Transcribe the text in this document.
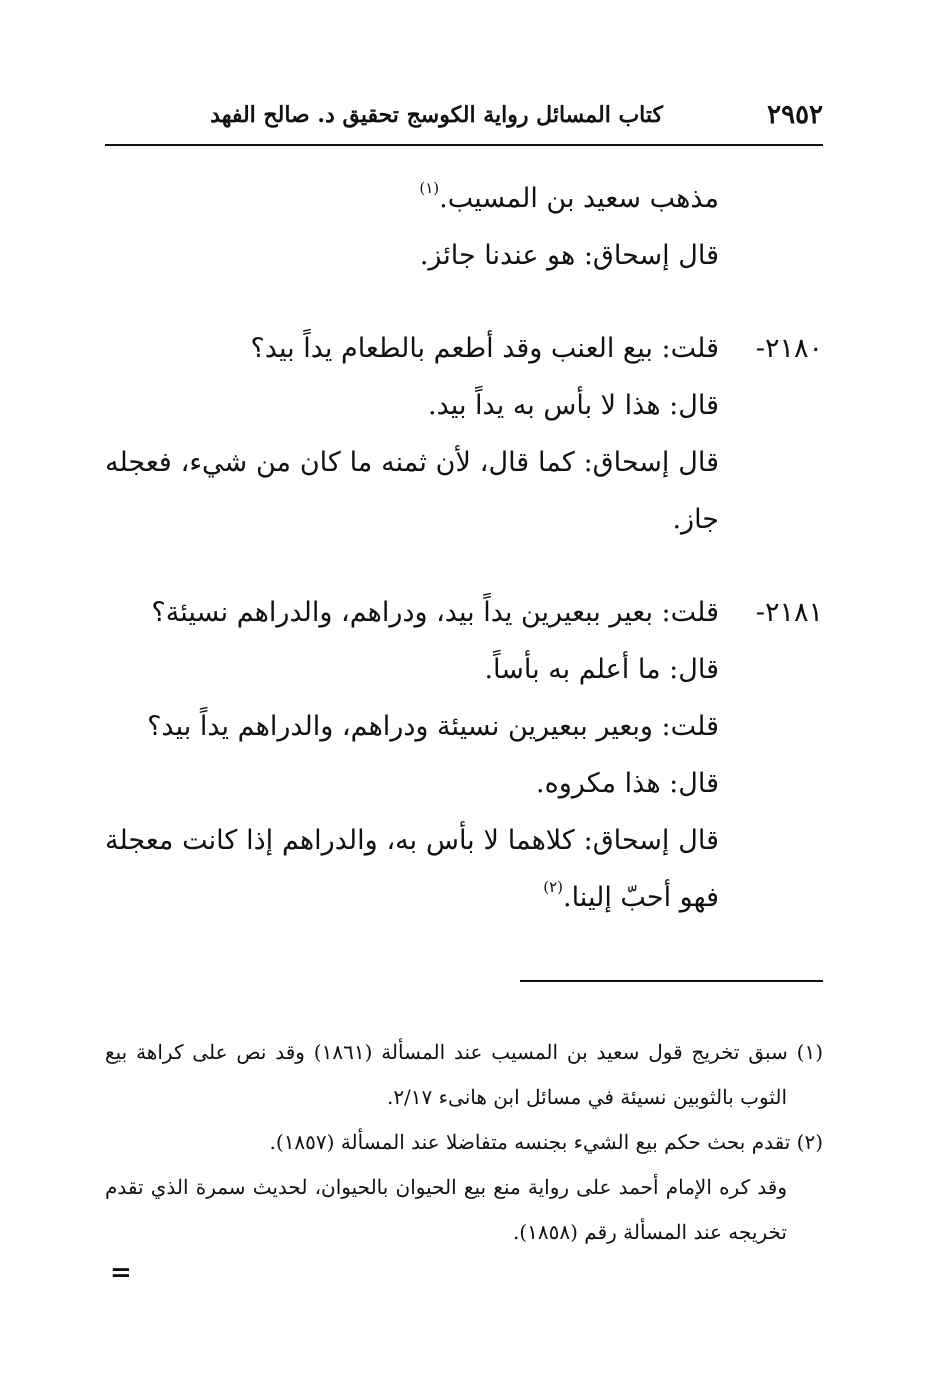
٢٩٥٢
كتاب المسائل رواية الكوسج تحقيق د. صالح الفهد
مذهب سعيد بن المسيب.$^{(١)}$
قال إسحاق: هو عندنا جائز.
٢١٨٠-قلت: بيع العنب وقد أطعم بالطعام يداً بيد؟
قال: هذا لا بأس به يداً بيد.
قال إسحاق: كما قال، لأن ثمنه ما كان من شيء، فعجله
جاز.
٢١٨١-قلت: بعير ببعيرين يداً بيد، ودراهم، والدراهم نسيئة؟
قال: ما أعلم به بأساً.
قلت: وبعير ببعيرين نسيئة ودراهم، والدراهم يداً بيد؟
قال: هذا مكروه.
قال إسحاق: كلاهما لا بأس به، والدراهم إذا كانت معجلة
فهو أحبّ إلينا.$^{(٢)}$
(١) سبق تخريج قول سعيد بن المسيب عند المسألة (١٨٦١) وقد نص على كراهة بيع
الثوب بالثوبين نسيئة في مسائل ابن هانىء ٢/١٧.
(٢) تقدم بحث حكم بيع الشيء بجنسه متفاضلا عند المسألة (١٨٥٧).
وقد كره الإمام أحمد على رواية منع بيع الحيوان بالحيوان، لحديث سمرة الذي تقدم
تخريجه عند المسألة رقم (١٨٥٨).
=
